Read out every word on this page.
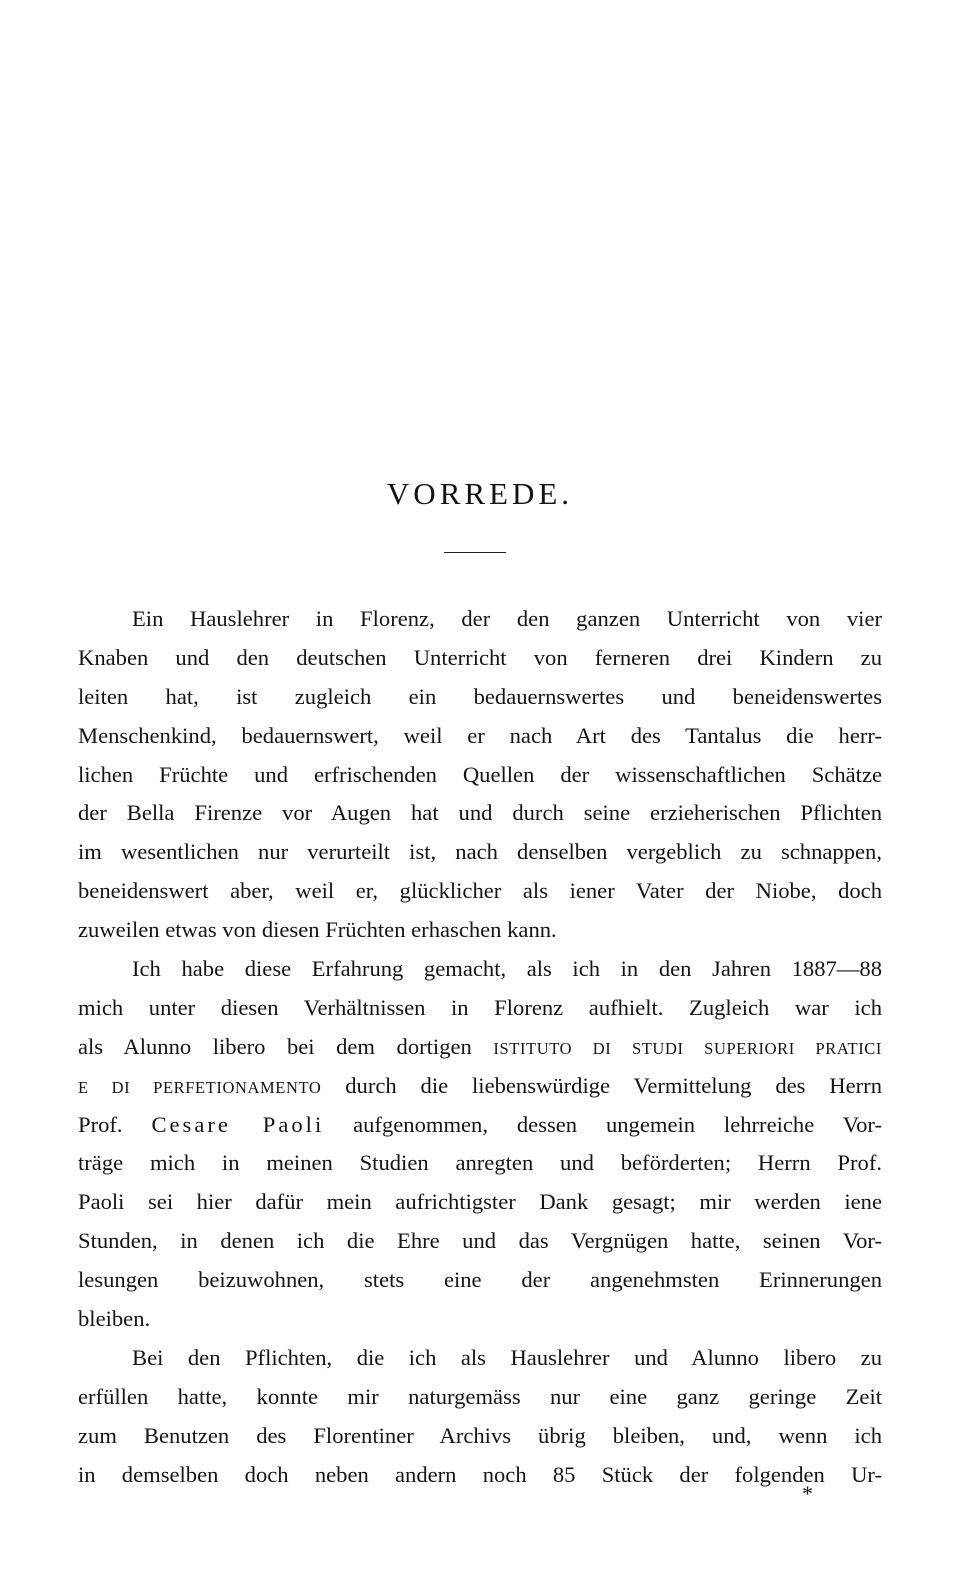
VORREDE.
Ein Hauslehrer in Florenz, der den ganzen Unterricht von vier
Knaben und den deutschen Unterricht von ferneren drei Kindern zu
leiten hat, ist zugleich ein bedauernswertes und beneidenswertes
Menschenkind, bedauernswert, weil er nach Art des Tantalus die herr-
lichen Früchte und erfrischenden Quellen der wissenschaftlichen Schätze
der Bella Firenze vor Augen hat und durch seine erzieherischen Pflichten
im wesentlichen nur verurteilt ist, nach denselben vergeblich zu schnappen,
beneidenswert aber, weil er, glücklicher als iener Vater der Niobe, doch
zuweilen etwas von diesen Früchten erhaschen kann.
Ich habe diese Erfahrung gemacht, als ich in den Jahren 1887—88
mich unter diesen Verhältnissen in Florenz aufhielt. Zugleich war ich
als Alunno libero bei dem dortigen ISTITUTO DI STUDI SUPERIORI PRATICI
E DI PERFETIONAMENTO durch die liebenswürdige Vermittelung des Herrn
Prof. Cesare Paoli aufgenommen, dessen ungemein lehrreiche Vor-
träge mich in meinen Studien anregten und beförderten; Herrn Prof.
Paoli sei hier dafür mein aufrichtigster Dank gesagt; mir werden iene
Stunden, in denen ich die Ehre und das Vergnügen hatte, seinen Vor-
lesungen beizuwohnen, stets eine der angenehmsten Erinnerungen
bleiben.
Bei den Pflichten, die ich als Hauslehrer und Alunno libero zu
erfüllen hatte, konnte mir naturgemäss nur eine ganz geringe Zeit
zum Benutzen des Florentiner Archivs übrig bleiben, und, wenn ich
in demselben doch neben andern noch 85 Stück der folgenden Ur-
*
